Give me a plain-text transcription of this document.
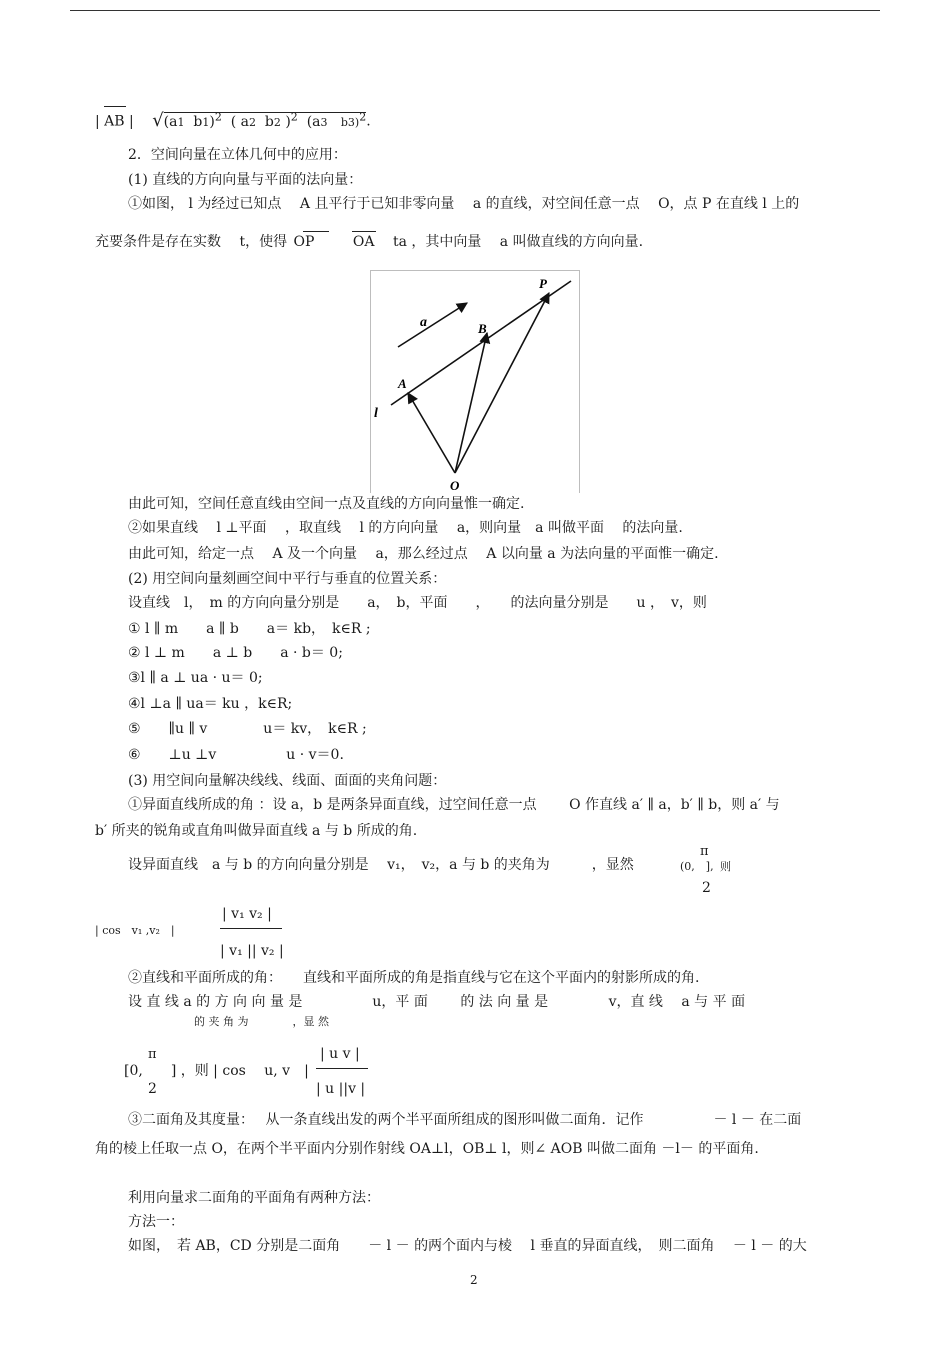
| AB | √(a1 b1)$^2$ ( a2 b2 )$^2$ (a3 b3)$^2$.
2．空间向量在立体几何中的应用：
(1) 直线的方向向量与平面的法向量：
①如图， l 为经过已知点　 A 且平行于已知非零向量　 a 的直线，对空间任意一点　 O，点 P 在直线 l 上的
充要条件是存在实数　 t，使得 OP	OA ta ，其中向量　 a 叫做直线的方向向量.
a
l
A
B
P
O
由此可知，空间任意直线由空间一点及直线的方向向量惟一确定.
②如果直线　 l ⊥平面　 ，取直线　 l 的方向向量　 a，则向量　a 叫做平面　 的法向量.
由此可知，给定一点　 A 及一个向量　 a，那么经过点　 A 以向量 a 为法向量的平面惟一确定.
(2) 用空间向量刻画空间中平行与垂直的位置关系：
设直线　l，　m 的方向向量分别是　　a，　b，平面　　，　　的法向量分别是　　u ，　v，则
① l ∥ m　　a ∥ b　　a＝ kb，　k∈R ;
② l ⊥ m　　a ⊥ b　　a · b＝ 0;
③l ∥ a ⊥ ua · u＝ 0;
④l ⊥a ∥ ua＝ ku ，k∈R;
⑤　　∥u ∥ v　　　　u＝ kv，　k∈R ;
⑥　　⊥u ⊥v　　　　　u · v＝0.
(3) 用空间向量解决线线、线面、面面的夹角问题：
①异面直线所成的角 ：设 a，b 是两条异面直线，过空间任意一点　　 O 作直线 a′ ∥ a，b′ ∥ b，则 a′ 与
b′ 所夹的锐角或直角叫做异面直线 a 与 b 所成的角.
设异面直线　a 与 b 的方向向量分别是　 v₁，　v₂，a 与 b 的夹角为　　　，显然
π
(0,　], 则
2
| cos　v₁ ,v₂　|
| v₁ v₂ |
| v₁ || v₂ |
②直线和平面所成的角：　　直线和平面所成的角是指直线与它在这个平面内的射影所成的角.
设 直 线 a 的 方 向 向 量 是　　　　　u，平 面　　 的 法 向 量 是　　　　 v，直 线　 a 与 平 面
的 夹 角 为　　　　，显 然
π
[0,　　] ，则 | cos　 u, v　|
2
| u v |
| u ||v |
③二面角及其度量：　 从一条直线出发的两个半平面所组成的图形叫做二面角．记作　　　　　－ l － 在二面
角的棱上任取一点 O，在两个半平面内分别作射线 OA⊥l，OB⊥ l，则∠ AOB 叫做二面角 －l－ 的平面角.
利用向量求二面角的平面角有两种方法：
方法一：
如图，　若 AB，CD 分别是二面角　　－ l － 的两个面内与棱　 l 垂直的异面直线，　则二面角　 － l － 的大
2
